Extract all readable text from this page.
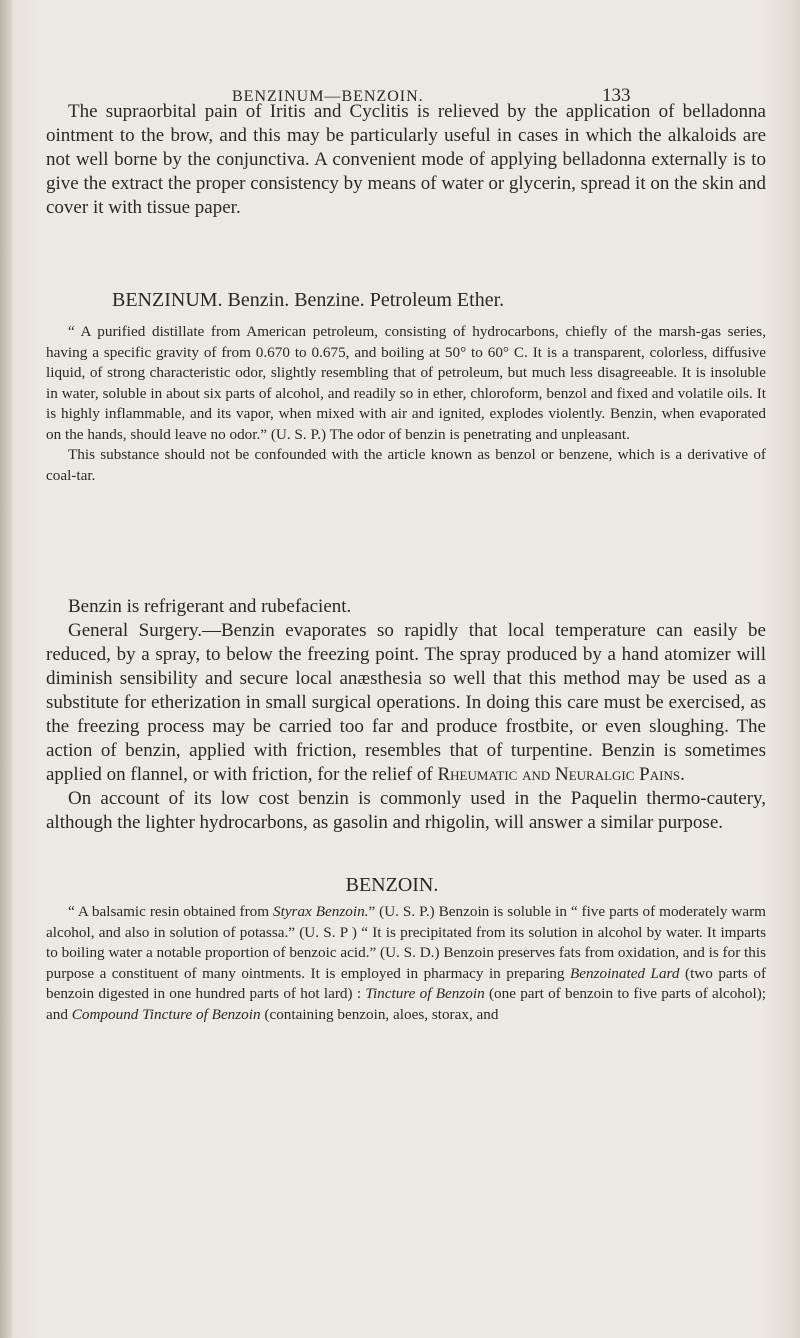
BENZINUM—BENZOIN.	133

The supraorbital pain of Iritis and Cyclitis is relieved by the application of belladonna ointment to the brow, and this may be particularly useful in cases in which the alkaloids are not well borne by the conjunctiva. A convenient mode of applying belladonna externally is to give the extract the proper consistency by means of water or glycerin, spread it on the skin and cover it with tissue paper.

BENZINUM. Benzin. Benzine. Petroleum Ether.

“ A purified distillate from American petroleum, consisting of hydrocarbons, chiefly of the marsh-gas series, having a specific gravity of from 0.670 to 0.675, and boiling at 50° to 60° C. It is a transparent, colorless, diffusive liquid, of strong characteristic odor, slightly resembling that of petroleum, but much less disagreeable. It is insoluble in water, soluble in about six parts of alcohol, and readily so in ether, chloroform, benzol and fixed and volatile oils. It is highly inflammable, and its vapor, when mixed with air and ignited, explodes violently. Benzin, when evaporated on the hands, should leave no odor.” (U. S. P.) The odor of benzin is penetrating and unpleasant.

This substance should not be confounded with the article known as benzol or benzene, which is a derivative of coal-tar.

Benzin is refrigerant and rubefacient.

General Surgery.—Benzin evaporates so rapidly that local temperature can easily be reduced, by a spray, to below the freezing point. The spray produced by a hand atomizer will diminish sensibility and secure local anæsthesia so well that this method may be used as a substitute for etherization in small surgical operations. In doing this care must be exercised, as the freezing process may be carried too far and produce frostbite, or even sloughing. The action of benzin, applied with friction, resembles that of turpentine. Benzin is sometimes applied on flannel, or with friction, for the relief of Rheumatic and Neuralgic Pains.

On account of its low cost benzin is commonly used in the Paquelin thermo-cautery, although the lighter hydrocarbons, as gasolin and rhigolin, will answer a similar purpose.

BENZOIN.

“ A balsamic resin obtained from Styrax Benzoin.” (U. S. P.) Benzoin is soluble in “ five parts of moderately warm alcohol, and also in solution of potassa.” (U. S. P ) “ It is precipitated from its solution in alcohol by water. It imparts to boiling water a notable proportion of benzoic acid.” (U. S. D.) Benzoin preserves fats from oxidation, and is for this purpose a constituent of many ointments. It is employed in pharmacy in preparing Benzoinated Lard (two parts of benzoin digested in one hundred parts of hot lard) : Tincture of Benzoin (one part of benzoin to five parts of alcohol); and Compound Tincture of Benzoin (containing benzoin, aloes, storax, and
